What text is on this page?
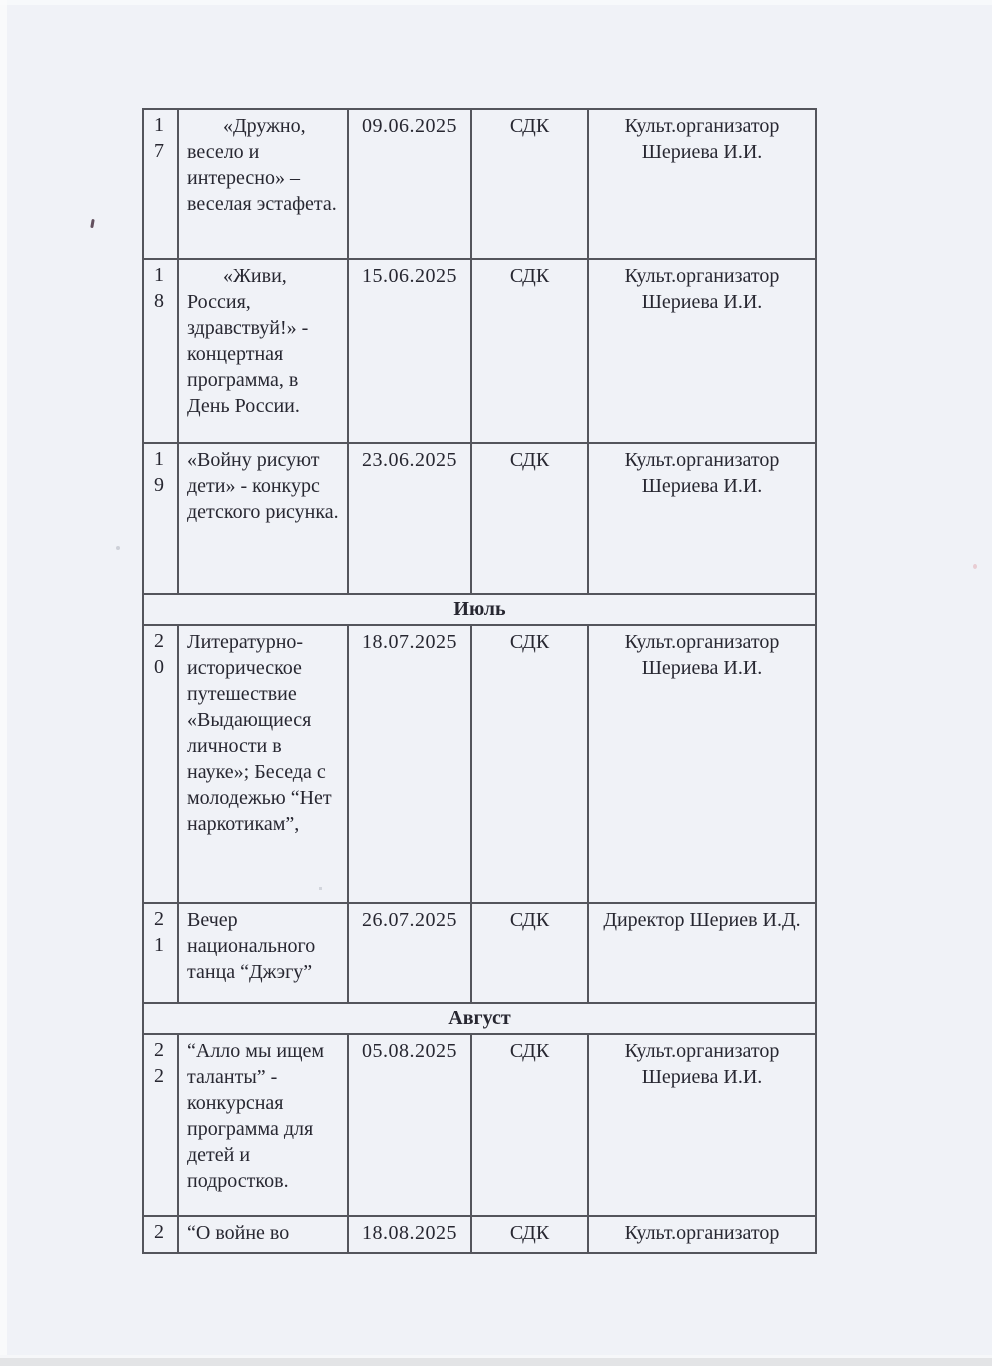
17	«Дружно, весело и интересно» – веселая эстафета.	09.06.2025	СДК	Культ.организатор Шериева И.И.
18	«Живи, Россия, здравствуй!» - концертная программа, в День России.	15.06.2025	СДК	Культ.организатор Шериева И.И.
19	«Войну рисуют дети» - конкурс детского рисунка.	23.06.2025	СДК	Культ.организатор Шериева И.И.
Июль				
20	Литературно-историческое путешествие «Выдающиеся личности в науке»; Беседа с молодежью “Нет наркотикам”,	18.07.2025	СДК	Культ.организатор Шериева И.И.
21	Вечер национального танца “Джэгу”	26.07.2025	СДК	Директор Шериев И.Д.
Август				
22	“Алло мы ищем таланты” - конкурсная программа для детей и подростков.	05.08.2025	СДК	Культ.организатор Шериева И.И.
2	“О войне во	18.08.2025	СДК	Культ.организатор
